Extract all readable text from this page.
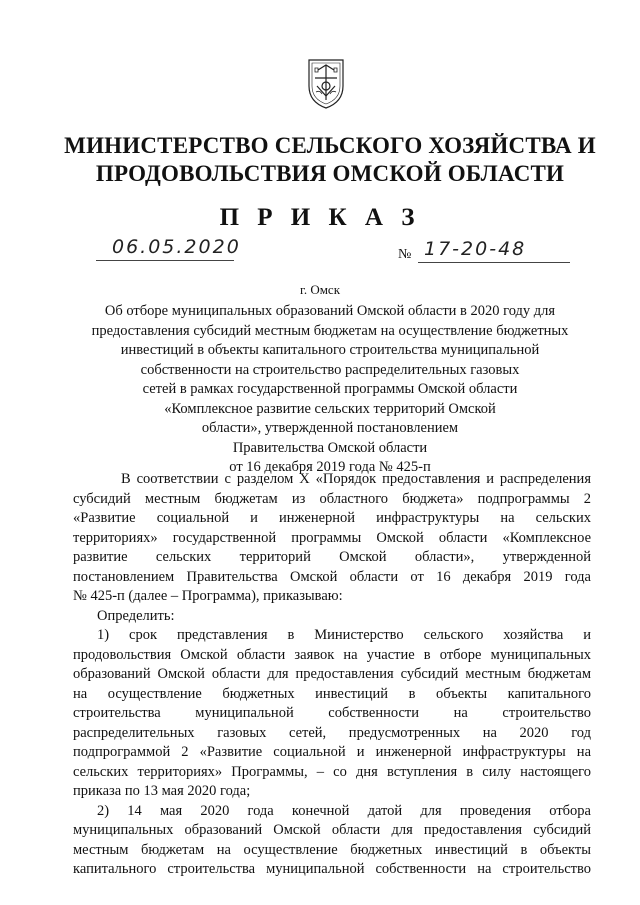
МИНИСТЕРСТВО СЕЛЬСКОГО ХОЗЯЙСТВА И
ПРОДОВОЛЬСТВИЯ ОМСКОЙ ОБЛАСТИ
П Р И К А З
06.05.2020	№ 17-20-48
г. Омск
Об отборе муниципальных образований Омской области в 2020 году для
предоставления субсидий местным бюджетам на осуществление бюджетных
инвестиций в объекты капитального строительства муниципальной
собственности на строительство распределительных газовых
сетей в рамках государственной программы Омской области
«Комплексное развитие сельских территорий Омской
области», утвержденной постановлением
Правительства Омской области
от 16 декабря 2019 года № 425-п
В соответствии с разделом X «Порядок предоставления и распределения
субсидий местным бюджетам из областного бюджета» подпрограммы 2
«Развитие социальной и инженерной инфраструктуры на сельских
территориях» государственной программы Омской области «Комплексное
развитие сельских территорий Омской области», утвержденной
постановлением Правительства Омской области от 16 декабря 2019 года
№ 425-п (далее – Программа), приказываю:
Определить:
1) срок представления в Министерство сельского хозяйства и
продовольствия Омской области заявок на участие в отборе муниципальных
образований Омской области для предоставления субсидий местным бюджетам
на осуществление бюджетных инвестиций в объекты капитального
строительства муниципальной собственности на строительство
распределительных газовых сетей, предусмотренных на 2020 год
подпрограммой 2 «Развитие социальной и инженерной инфраструктуры на
сельских территориях» Программы, – со дня вступления в силу настоящего
приказа по 13 мая 2020 года;
2) 14 мая 2020 года конечной датой для проведения отбора
муниципальных образований Омской области для предоставления субсидий
местным бюджетам на осуществление бюджетных инвестиций в объекты
капитального строительства муниципальной собственности на строительство
